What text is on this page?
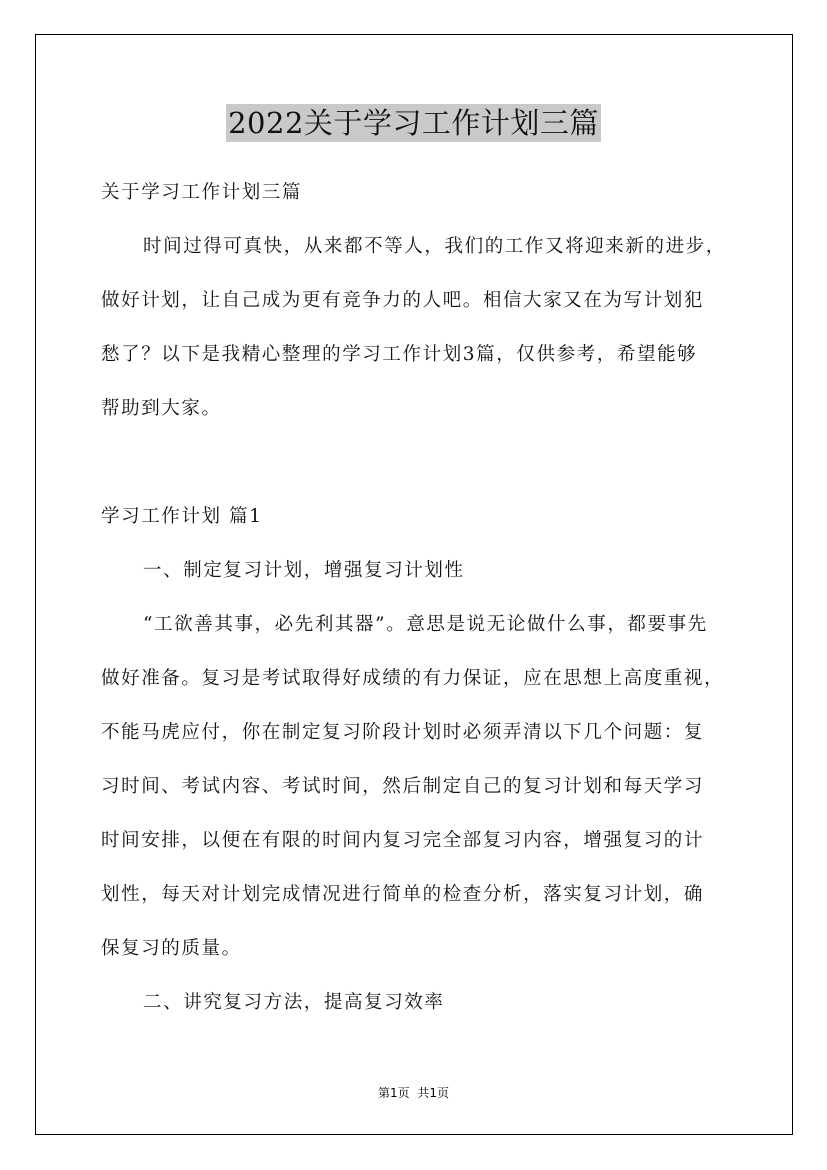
2022关于学习工作计划三篇
关于学习工作计划三篇
时间过得可真快，从来都不等人，我们的工作又将迎来新的进步，
做好计划，让自己成为更有竞争力的人吧。相信大家又在为写计划犯
愁了？以下是我精心整理的学习工作计划3篇，仅供参考，希望能够
帮助到大家。
学习工作计划 篇1
一、制定复习计划，增强复习计划性
“工欲善其事，必先利其器”。意思是说无论做什么事，都要事先
做好准备。复习是考试取得好成绩的有力保证，应在思想上高度重视，
不能马虎应付，你在制定复习阶段计划时必须弄清以下几个问题：复
习时间、考试内容、考试时间，然后制定自己的复习计划和每天学习
时间安排，以便在有限的时间内复习完全部复习内容，增强复习的计
划性，每天对计划完成情况进行简单的检查分析，落实复习计划，确
保复习的质量。
二、讲究复习方法，提高复习效率
第1页 共1页
